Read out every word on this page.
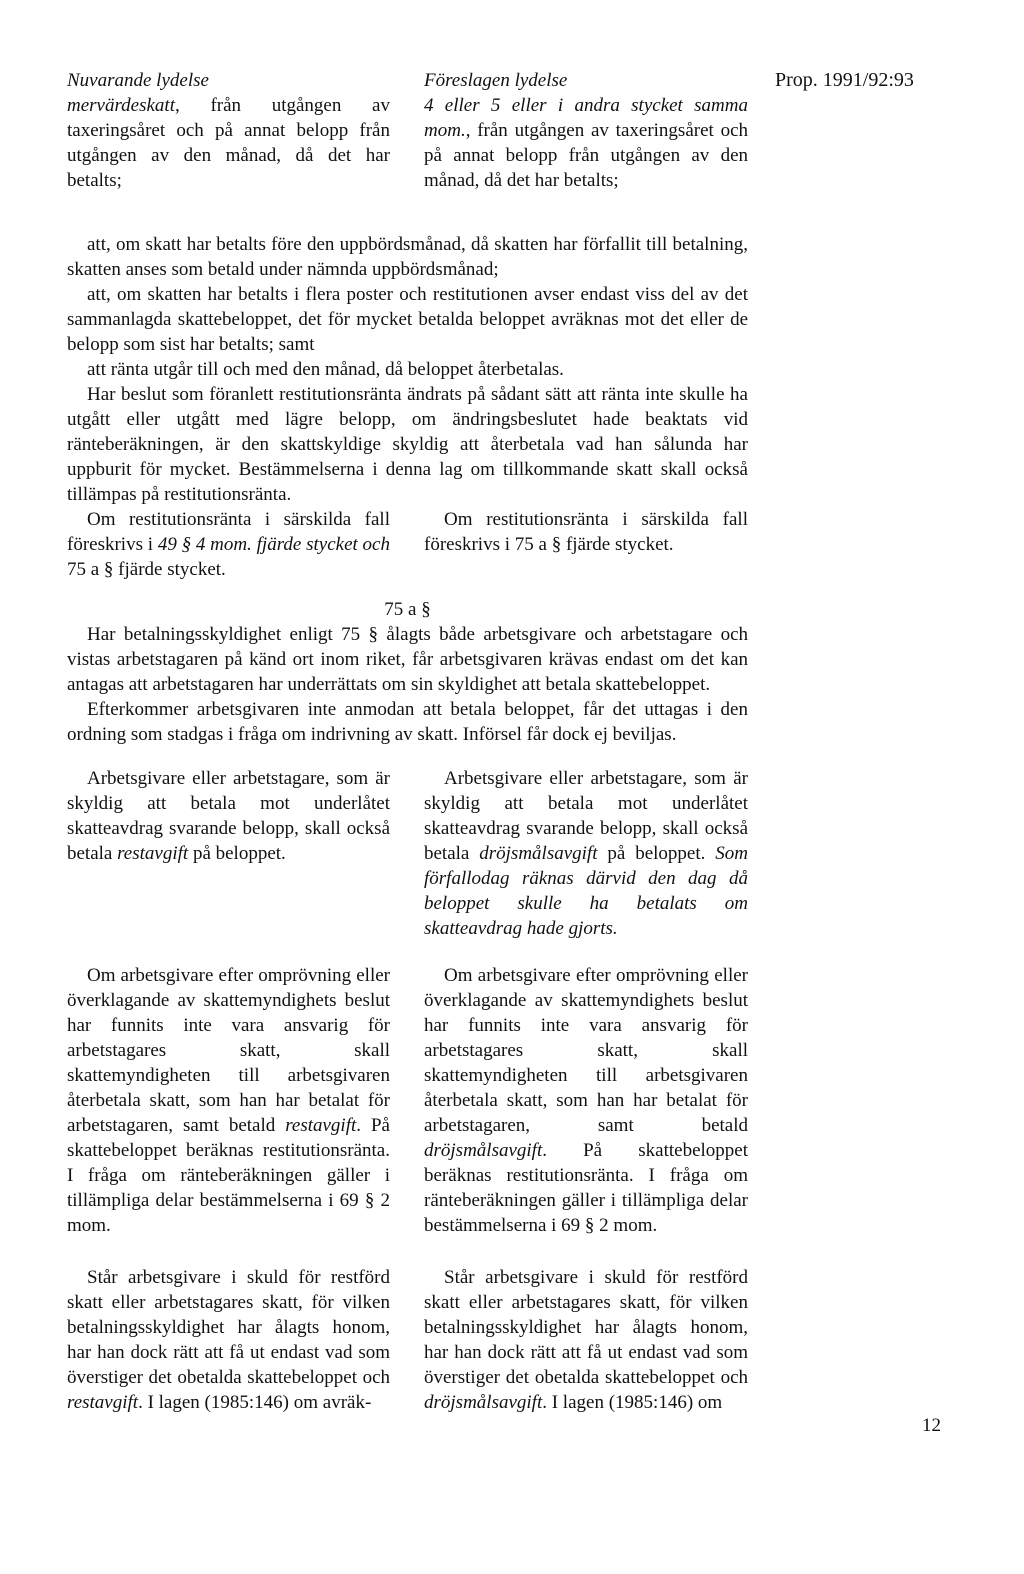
Nuvarande lydelse	Föreslagen lydelse	Prop. 1991/92:93

mervärdeskatt, från utgången av taxeringsåret och på annat belopp från utgången av den månad, då det har betalts;

4 eller 5 eller i andra stycket samma mom., från utgången av taxeringsåret och på annat belopp från utgången av den månad, då det har betalts;

att, om skatt har betalts före den uppbördsmånad, då skatten har förfallit till betalning, skatten anses som betald under nämnda uppbördsmånad;

att, om skatten har betalts i flera poster och restitutionen avser endast viss del av det sammanlagda skattebeloppet, det för mycket betalda beloppet avräknas mot det eller de belopp som sist har betalts; samt

att ränta utgår till och med den månad, då beloppet återbetalas.

Har beslut som föranlett restitutionsränta ändrats på sådant sätt att ränta inte skulle ha utgått eller utgått med lägre belopp, om ändringsbeslutet hade beaktats vid ränteberäkningen, är den skattskyldige skyldig att återbetala vad han sålunda har uppburit för mycket. Bestämmelserna i denna lag om tillkommande skatt skall också tillämpas på restitutionsränta.

Om restitutionsränta i särskilda fall föreskrivs i 49 § 4 mom. fjärde stycket och 75 a § fjärde stycket.

Om restitutionsränta i särskilda fall föreskrivs i 75 a § fjärde stycket.

75 a §

Har betalningsskyldighet enligt 75 § ålagts både arbetsgivare och arbetstagare och vistas arbetstagaren på känd ort inom riket, får arbetsgivaren krävas endast om det kan antagas att arbetstagaren har underrättats om sin skyldighet att betala skattebeloppet.

Efterkommer arbetsgivaren inte anmodan att betala beloppet, får det uttagas i den ordning som stadgas i fråga om indrivning av skatt. Införsel får dock ej beviljas.

Arbetsgivare eller arbetstagare, som är skyldig att betala mot underlåtet skatteavdrag svarande belopp, skall också betala restavgift på beloppet.

Arbetsgivare eller arbetstagare, som är skyldig att betala mot underlåtet skatteavdrag svarande belopp, skall också betala dröjsmålsavgift på beloppet. Som förfallodag räknas därvid den dag då beloppet skulle ha betalats om skatteavdrag hade gjorts.

Om arbetsgivare efter omprövning eller överklagande av skattemyndighets beslut har funnits inte vara ansvarig för arbetstagares skatt, skall skattemyndigheten till arbetsgivaren återbetala skatt, som han har betalat för arbetstagaren, samt betald restavgift. På skattebeloppet beräknas restitutionsränta. I fråga om ränteberäkningen gäller i tillämpliga delar bestämmelserna i 69 § 2 mom.

Om arbetsgivare efter omprövning eller överklagande av skattemyndighets beslut har funnits inte vara ansvarig för arbetstagares skatt, skall skattemyndigheten till arbetsgivaren återbetala skatt, som han har betalat för arbetstagaren, samt betald dröjsmålsavgift. På skattebeloppet beräknas restitutionsränta. I fråga om ränteberäkningen gäller i tillämpliga delar bestämmelserna i 69 § 2 mom.

Står arbetsgivare i skuld för restförd skatt eller arbetstagares skatt, för vilken betalningsskyldighet har ålagts honom, har han dock rätt att få ut endast vad som överstiger det obetalda skattebeloppet och restavgift. I lagen (1985:146) om avräk-

Står arbetsgivare i skuld för restförd skatt eller arbetstagares skatt, för vilken betalningsskyldighet har ålagts honom, har han dock rätt att få ut endast vad som överstiger det obetalda skattebeloppet och dröjsmålsavgift. I lagen (1985:146) om

12
